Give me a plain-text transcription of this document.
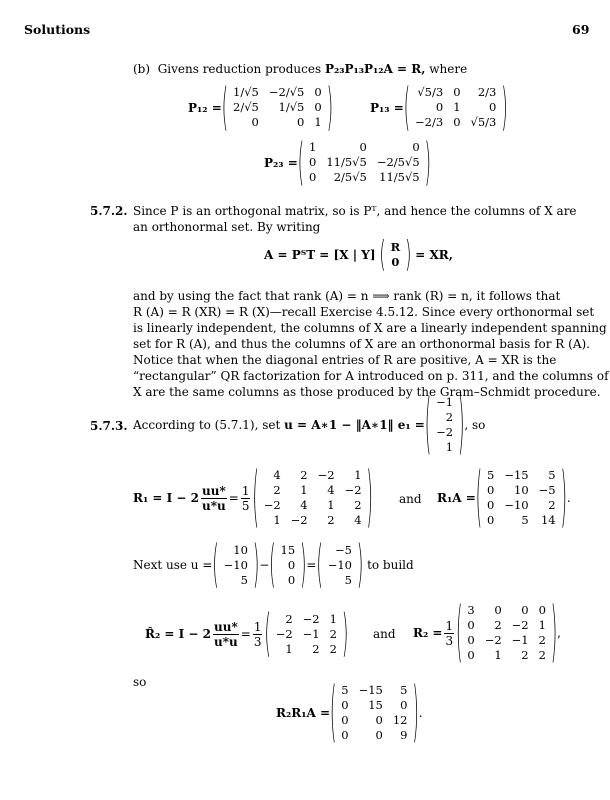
Solutions	69
(b)
Givens reduction produces
P₂₃P₁₃P₁₂A = R,
where
P₁₂ = ( 1/√5	−2/√5	0
2/√5	1/√5	0
0	0	1 )	P₁₃ = ( √5/3	0	2/3
0	1	0
−2/3	0	√5/3 )
P₂₃ = ( 1	0	0
0	11/5√5	−2/5√5
0	2/5√5	11/5√5 )
5.7.2. Since P is an orthogonal matrix, so is Pᵀ, and hence the columns of X are
an orthonormal set. By writing
A = PᵀT = [X | Y]
( R
0 )
= XR,
and by using the fact that rank (A) = n ⟹ rank (R) = n, it follows that
R (A) = R (XR) = R (X)—recall Exercise 4.5.12. Since every orthonormal set
is linearly independent, the columns of X are a linearly independent spanning
set for R (A), and thus the columns of X are an orthonormal basis for R (A).
Notice that when the diagonal entries of R are positive, A = XR is the
“rectangular” QR factorization for A introduced on p. 311, and the columns of
X are the same columns as those produced by the Gram–Schmidt procedure.
5.7.3. According to (5.7.1), set
u = A∗1 − ‖A∗1‖ e₁ = ( −1
2
−2
1 ) , so
$R_1 = I - 2 \frac{uu*}{u*u} = \frac{1}{5}$ ( 4	2	−2	1
2	1	4	−2
−2	4	1	2
1	−2	2	4 ) and R₁A = ( 5	−15	5
0	10	−5
0	−10	2
0	5	14 ) .
Next use u = ( 10
−10
5 ) − ( 15
0
0 ) = ( −5
−10
5 )
to build
R̂₂ = $I - 2 \frac{uu*}{u*u} = \frac{1}{3}$ ( 2	−2	1
−2	−1	2
1	2	2 ) and $R_2 = \frac{1}{3}$ ( 3	0	0	0
0	2	−2	1
0	−2	−1	2
0	1	2	2 ) ,
so
R₂R₁A = ( 5	−15	5
0	15	0
0	0	12
0	0	9 ) .
